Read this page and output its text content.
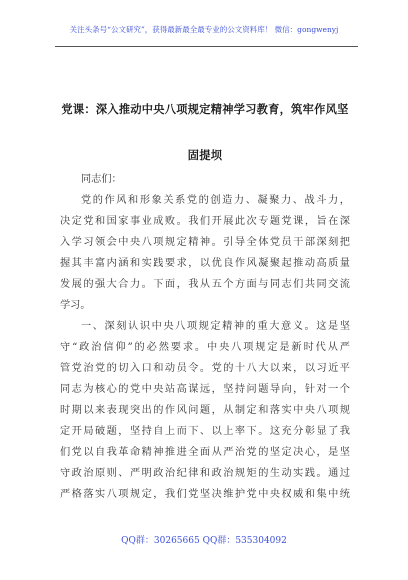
关注头条号“公文研究”，获得最新最全最专业的公文资料库！ 微信：gongwenyj
党课：深入推动中央八项规定精神学习教育，筑牢作风坚
固提坝
同志们：
党的作风和形象关系党的创造力、凝聚力、战斗力，
决定党和国家事业成败。我们开展此次专题党课，旨在深
入学习领会中央八项规定精神。引导全体党员干部深刻把
握其丰富内涵和实践要求，以优良作风凝聚起推动高质量
发展的强大合力。下面，我从五个方面与同志们共同交流
学习。
一、深刻认识中央八项规定精神的重大意义。这是坚
守“政治信仰”的必然要求。中央八项规定是新时代从严
管党治党的切入口和动员令。党的十八大以来，以习近平
同志为核心的党中央站高谋远，坚持问题导向，针对一个
时期以来表现突出的作风问题，从制定和落实中央八项规
定开局破题，坚持自上而下、以上率下。这充分彰显了我
们党以自我革命精神推进全面从严治党的坚定决心，是坚
守政治原则、严明政治纪律和政治规矩的生动实践。通过
严格落实八项规定，我们党坚决维护党中央权威和集中统
QQ群：30265665 QQ群：535304092
